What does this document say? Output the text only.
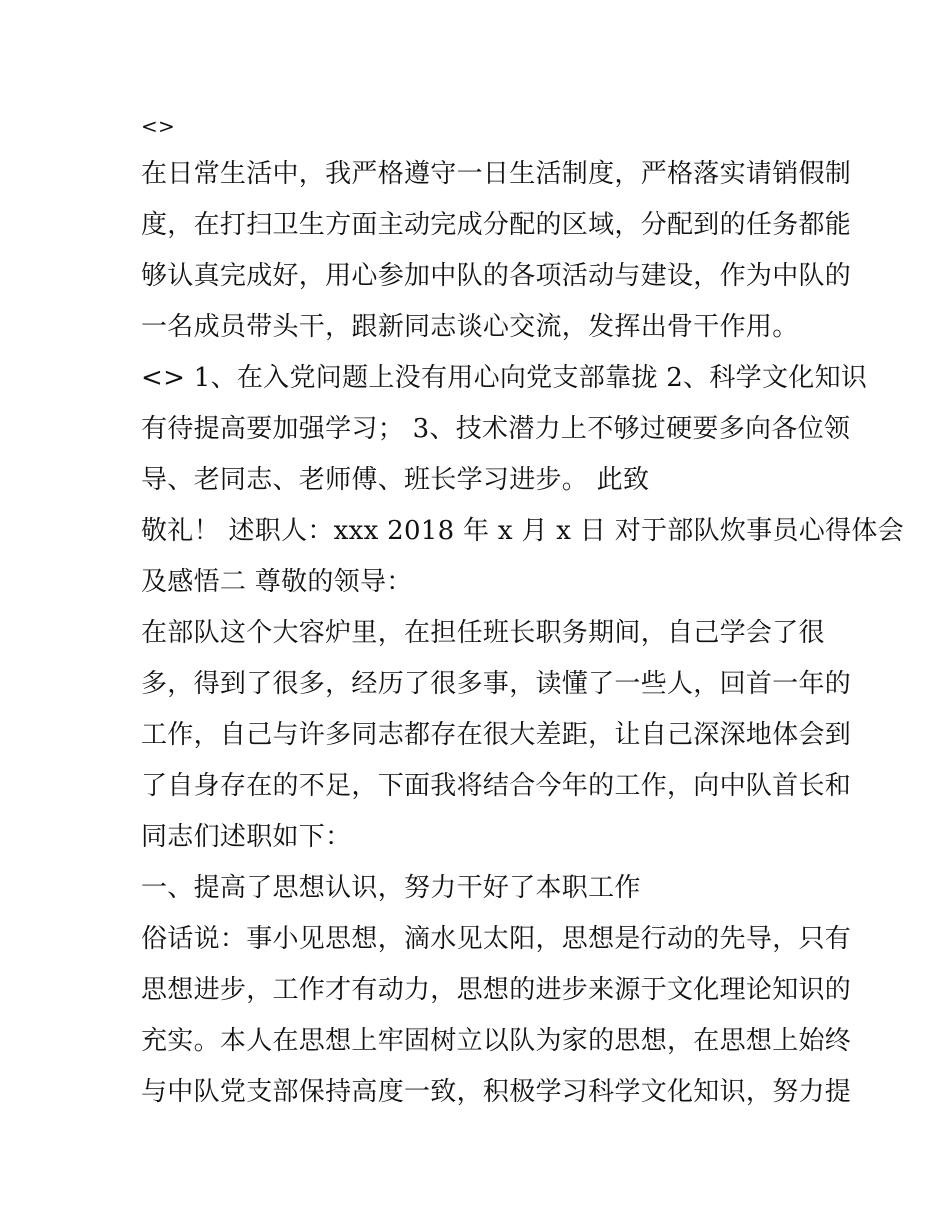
<>
在日常生活中，我严格遵守一日生活制度，严格落实请销假制
度，在打扫卫生方面主动完成分配的区域，分配到的任务都能
够认真完成好，用心参加中队的各项活动与建设，作为中队的
一名成员带头干，跟新同志谈心交流，发挥出骨干作用。
<> 1、在入党问题上没有用心向党支部靠拢 2、科学文化知识
有待提高要加强学习； 3、技术潜力上不够过硬要多向各位领
导、老同志、老师傅、班长学习进步。 此致
敬礼！ 述职人：xxx 2018 年 x 月 x 日 对于部队炊事员心得体会
及感悟二 尊敬的领导：
在部队这个大容炉里，在担任班长职务期间，自己学会了很
多，得到了很多，经历了很多事，读懂了一些人，回首一年的
工作，自己与许多同志都存在很大差距，让自己深深地体会到
了自身存在的不足，下面我将结合今年的工作，向中队首长和
同志们述职如下：
一、提高了思想认识，努力干好了本职工作
俗话说：事小见思想，滴水见太阳，思想是行动的先导，只有
思想进步，工作才有动力，思想的进步来源于文化理论知识的
充实。本人在思想上牢固树立以队为家的思想，在思想上始终
与中队党支部保持高度一致，积极学习科学文化知识，努力提
